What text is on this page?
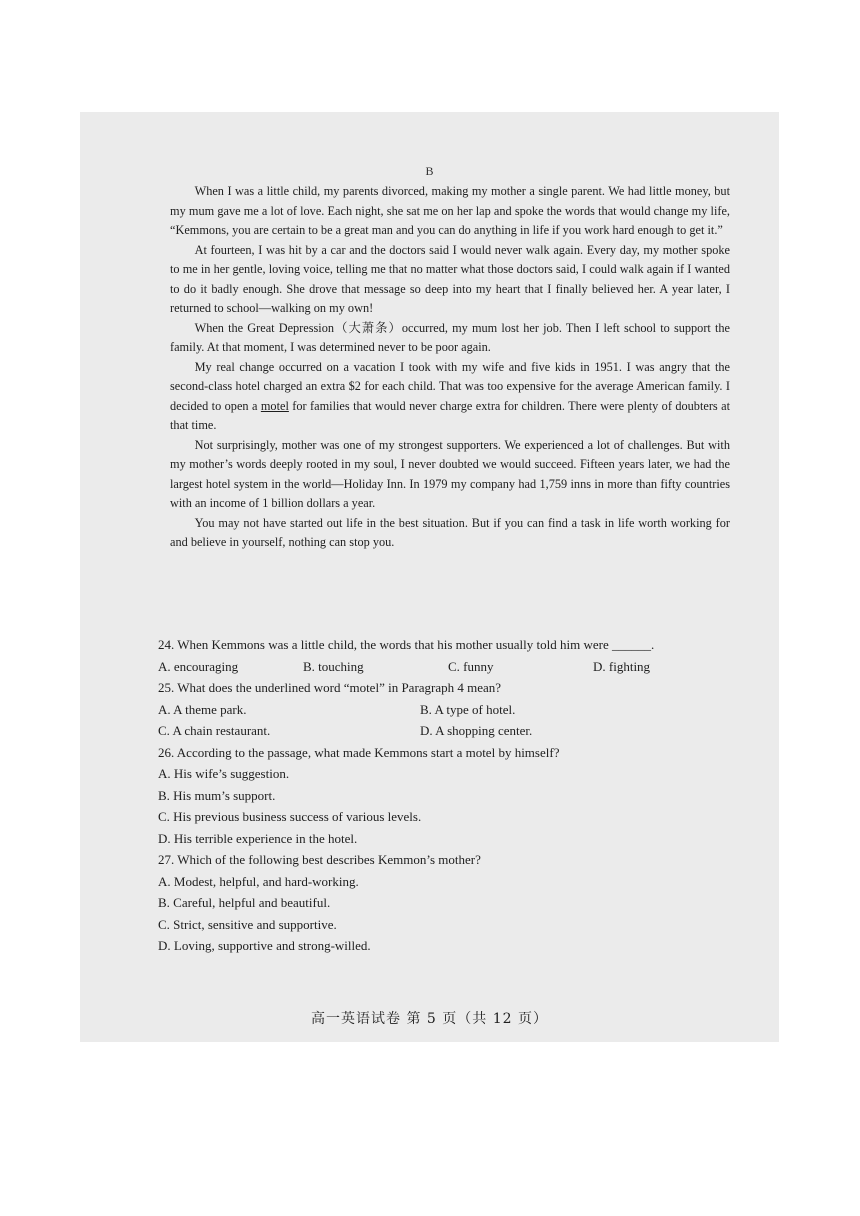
B

When I was a little child, my parents divorced, making my mother a single parent. We had little money, but my mum gave me a lot of love. Each night, she sat me on her lap and spoke the words that would change my life, “Kemmons, you are certain to be a great man and you can do anything in life if you work hard enough to get it.”

At fourteen, I was hit by a car and the doctors said I would never walk again. Every day, my mother spoke to me in her gentle, loving voice, telling me that no matter what those doctors said, I could walk again if I wanted to do it badly enough. She drove that message so deep into my heart that I finally believed her. A year later, I returned to school—walking on my own!

When the Great Depression（大萧条）occurred, my mum lost her job. Then I left school to support the family. At that moment, I was determined never to be poor again.

My real change occurred on a vacation I took with my wife and five kids in 1951. I was angry that the second-class hotel charged an extra $2 for each child. That was too expensive for the average American family. I decided to open a motel for families that would never charge extra for children. There were plenty of doubters at that time.

Not surprisingly, mother was one of my strongest supporters. We experienced a lot of challenges. But with my mother’s words deeply rooted in my soul, I never doubted we would succeed. Fifteen years later, we had the largest hotel system in the world—Holiday Inn. In 1979 my company had 1,759 inns in more than fifty countries with an income of 1 billion dollars a year.

You may not have started out life in the best situation. But if you can find a task in life worth working for and believe in yourself, nothing can stop you.

24. When Kemmons was a little child, the words that his mother usually told him were ______.

A. encouraging	B. touching	C. funny	D. fighting

25. What does the underlined word “motel” in Paragraph 4 mean?

A. A theme park.	B. A type of hotel.
C. A chain restaurant.	D. A shopping center.

26. According to the passage, what made Kemmons start a motel by himself?

A. His wife’s suggestion.

B. His mum’s support.

C. His previous business success of various levels.

D. His terrible experience in the hotel.

27. Which of the following best describes Kemmon’s mother?

A. Modest, helpful, and hard-working.

B. Careful, helpful and beautiful.

C. Strict, sensitive and supportive.

D. Loving, supportive and strong-willed.

高一英语试卷 第 5 页（共 12 页）
